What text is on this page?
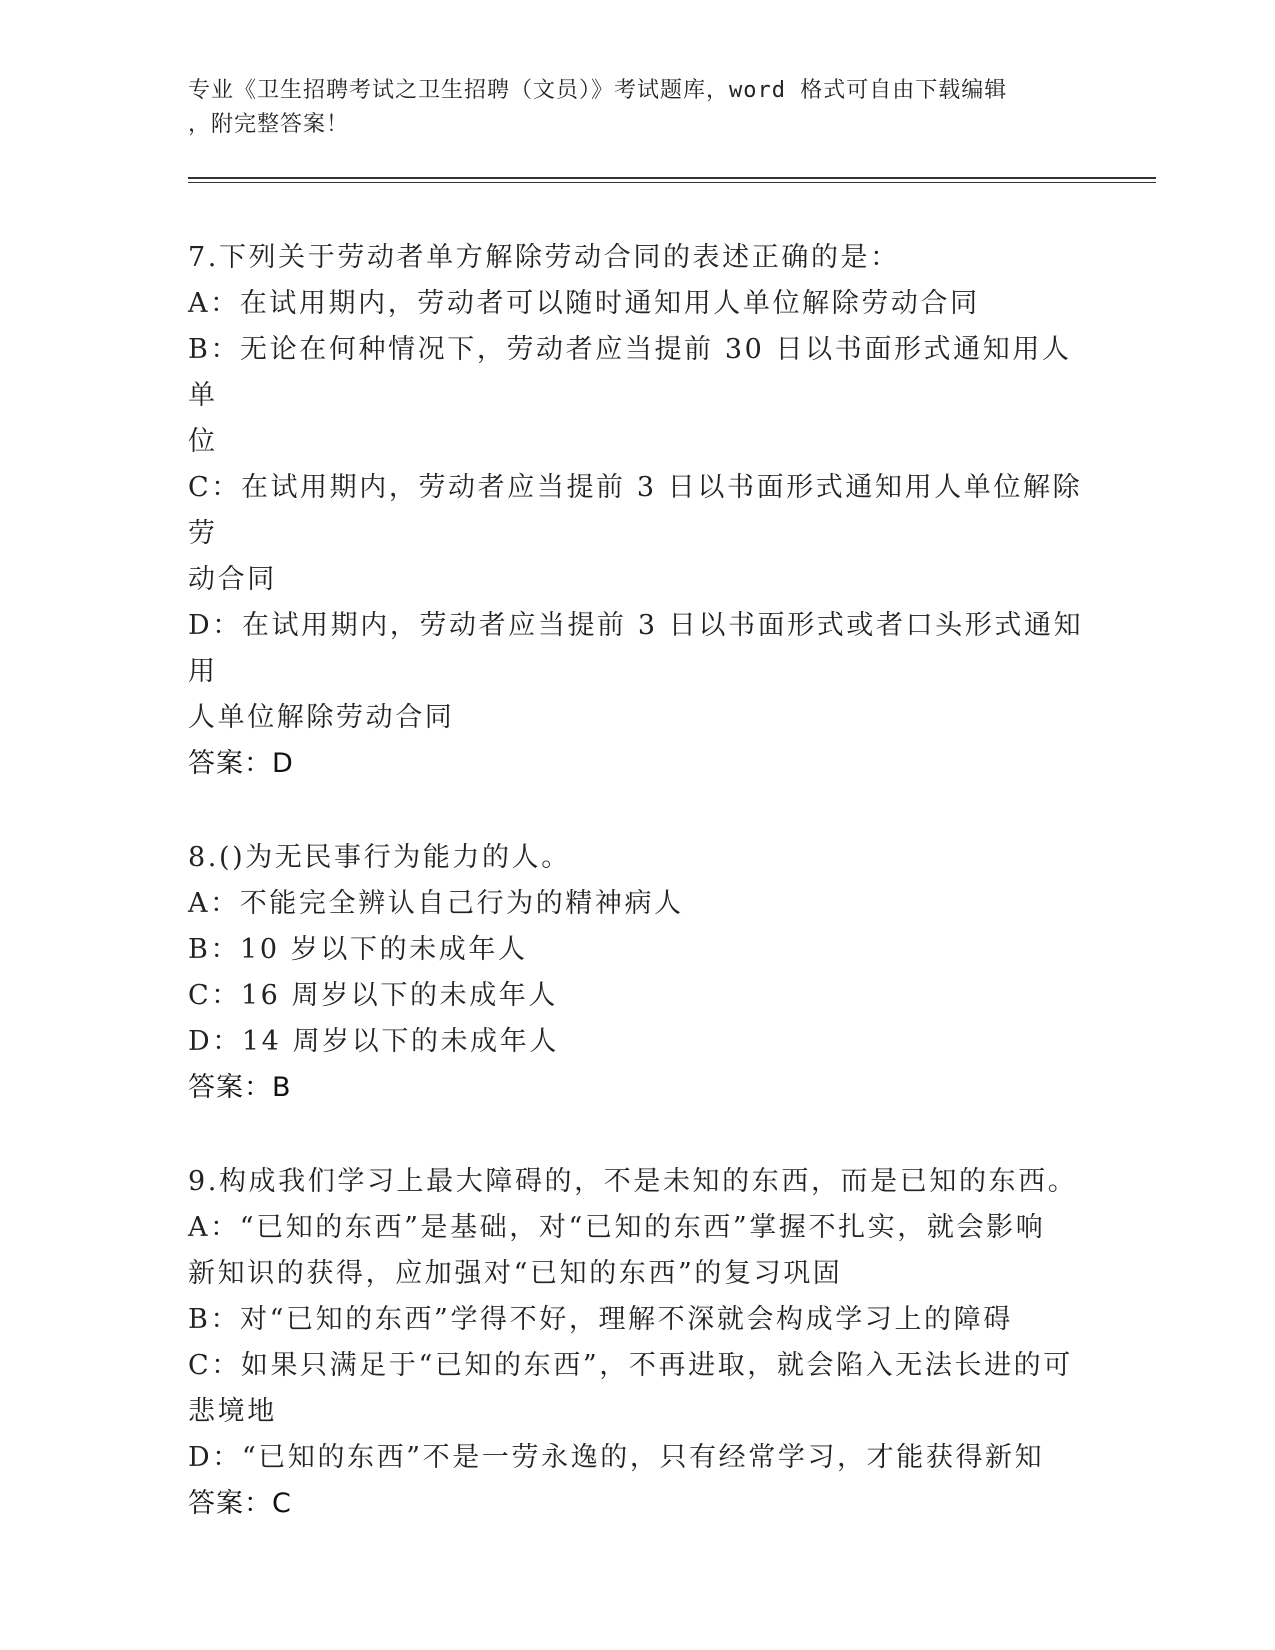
专业《卫生招聘考试之卫生招聘（文员）》考试题库，word 格式可自由下载编辑
，附完整答案！
7.下列关于劳动者单方解除劳动合同的表述正确的是：
A：在试用期内，劳动者可以随时通知用人单位解除劳动合同
B：无论在何种情况下，劳动者应当提前 30 日以书面形式通知用人单
位
C：在试用期内，劳动者应当提前 3 日以书面形式通知用人单位解除劳
动合同
D：在试用期内，劳动者应当提前 3 日以书面形式或者口头形式通知用
人单位解除劳动合同
答案：D
8.()为无民事行为能力的人。
A：不能完全辨认自己行为的精神病人
B：10 岁以下的未成年人
C：16 周岁以下的未成年人
D：14 周岁以下的未成年人
答案：B
9.构成我们学习上最大障碍的，不是未知的东西，而是已知的东西。
A：“已知的东西”是基础，对“已知的东西”掌握不扎实，就会影响
新知识的获得，应加强对“已知的东西”的复习巩固
B：对“已知的东西”学得不好，理解不深就会构成学习上的障碍
C：如果只满足于“已知的东西”，不再进取，就会陷入无法长进的可
悲境地
D：“已知的东西”不是一劳永逸的，只有经常学习，才能获得新知
答案：C
